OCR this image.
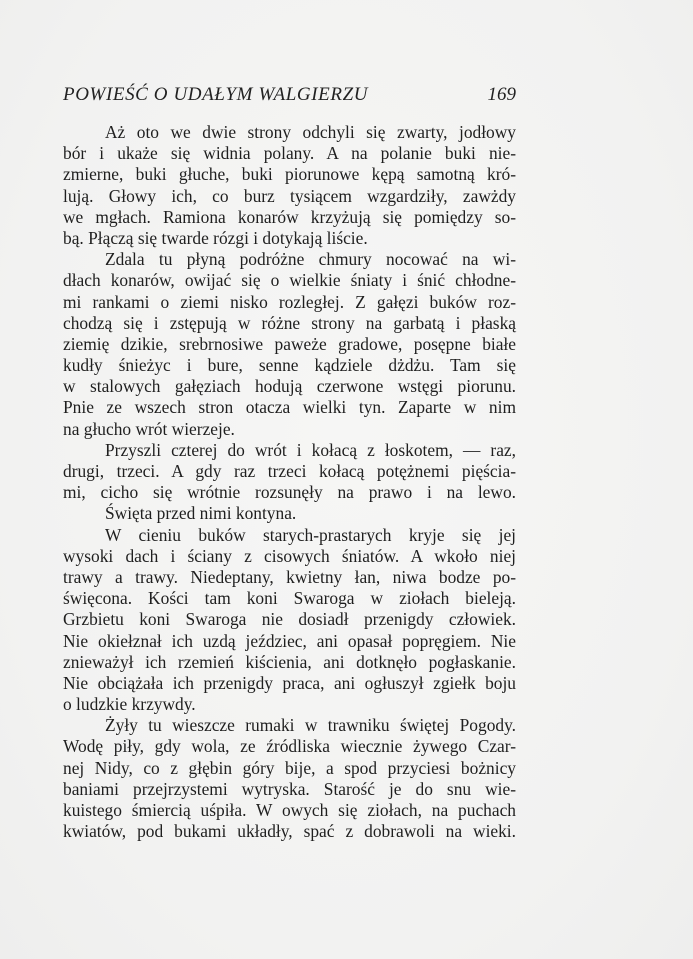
POWIEŚĆ O UDAŁYM WALGIERZU	169
Aż oto we dwie strony odchyli się zwarty, jodłowy
bór i ukaże się widnia polany. A na polanie buki nie-
zmierne, buki głuche, buki piorunowe kępą samotną kró-
lują. Głowy ich, co burz tysiącem wzgardziły, zawżdy
we mgłach. Ramiona konarów krzyżują się pomiędzy so-
bą. Płączą się twarde rózgi i dotykają liście.
Zdala tu płyną podróżne chmury nocować na wi-
dłach konarów, owijać się o wielkie śniaty i śnić chłodne-
mi rankami o ziemi nisko rozległej. Z gałęzi buków roz-
chodzą się i zstępują w różne strony na garbatą i płaską
ziemię dzikie, srebrnosiwe paweże gradowe, posępne białe
kudły śnieżyc i bure, senne kądziele dżdżu. Tam się
w stalowych gałęziach hodują czerwone wstęgi piorunu.
Pnie ze wszech stron otacza wielki tyn. Zaparte w nim
na głucho wrót wierzeje.
Przyszli czterej do wrót i kołacą z łoskotem, — raz,
drugi, trzeci. A gdy raz trzeci kołacą potężnemi pięścia-
mi, cicho się wrótnie rozsunęły na prawo i na lewo.
Święta przed nimi kontyna.
W cieniu buków starych-prastarych kryje się jej
wysoki dach i ściany z cisowych śniatów. A wkoło niej
trawy a trawy. Niedeptany, kwietny łan, niwa bodze po-
święcona. Kości tam koni Swaroga w ziołach bieleją.
Grzbietu koni Swaroga nie dosiadł przenigdy człowiek.
Nie okiełznał ich uzdą jeździec, ani opasał popręgiem. Nie
znieważył ich rzemień kiścienia, ani dotknęło pogłaskanie.
Nie obciążała ich przenigdy praca, ani ogłuszył zgiełk boju
o ludzkie krzywdy.
Żyły tu wieszcze rumaki w trawniku świętej Pogody.
Wodę piły, gdy wola, ze źródliska wiecznie żywego Czar-
nej Nidy, co z głębin góry bije, a spod przyciesi bożnicy
baniami przejrzystemi wytryska. Starość je do snu wie-
kuistego śmiercią uśpiła. W owych się ziołach, na puchach
kwiatów, pod bukami układły, spać z dobrawoli na wieki.
